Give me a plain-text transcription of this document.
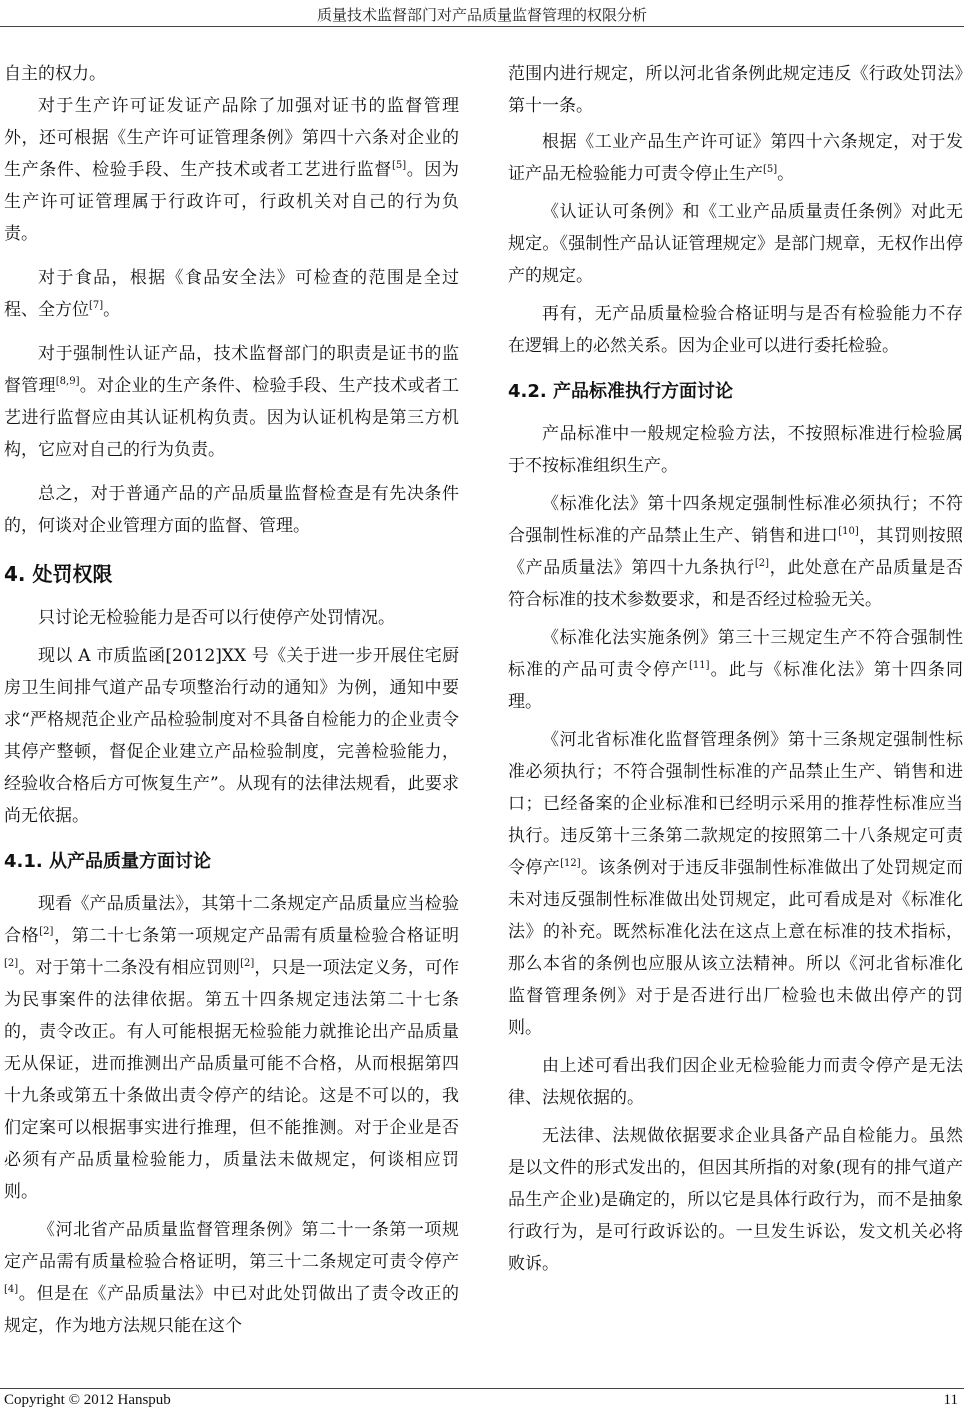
质量技术监督部门对产品质量监督管理的权限分析

自主的权力。

对于生产许可证发证产品除了加强对证书的监督管理外，还可根据《生产许可证管理条例》第四十六条对企业的生产条件、检验手段、生产技术或者工艺进行监督[5]。因为生产许可证管理属于行政许可，行政机关对自己的行为负责。

对于食品，根据《食品安全法》可检查的范围是全过程、全方位[7]。

对于强制性认证产品，技术监督部门的职责是证书的监督管理[8,9]。对企业的生产条件、检验手段、生产技术或者工艺进行监督应由其认证机构负责。因为认证机构是第三方机构，它应对自己的行为负责。

总之，对于普通产品的产品质量监督检查是有先决条件的，何谈对企业管理方面的监督、管理。

4. 处罚权限

只讨论无检验能力是否可以行使停产处罚情况。

现以 A 市质监函[2012]XX 号《关于进一步开展住宅厨房卫生间排气道产品专项整治行动的通知》为例，通知中要求“严格规范企业产品检验制度对不具备自检能力的企业责令其停产整顿，督促企业建立产品检验制度，完善检验能力，经验收合格后方可恢复生产”。从现有的法律法规看，此要求尚无依据。

4.1. 从产品质量方面讨论

现看《产品质量法》，其第十二条规定产品质量应当检验合格[2]，第二十七条第一项规定产品需有质量检验合格证明[2]。对于第十二条没有相应罚则[2]，只是一项法定义务，可作为民事案件的法律依据。第五十四条规定违法第二十七条的，责令改正。有人可能根据无检验能力就推论出产品质量无从保证，进而推测出产品质量可能不合格，从而根据第四十九条或第五十条做出责令停产的结论。这是不可以的，我们定案可以根据事实进行推理，但不能推测。对于企业是否必须有产品质量检验能力，质量法未做规定，何谈相应罚则。

《河北省产品质量监督管理条例》第二十一条第一项规定产品需有质量检验合格证明，第三十二条规定可责令停产[4]。但是在《产品质量法》中已对此处罚做出了责令改正的规定，作为地方法规只能在这个

范围内进行规定，所以河北省条例此规定违反《行政处罚法》第十一条。

根据《工业产品生产许可证》第四十六条规定，对于发证产品无检验能力可责令停止生产[5]。

《认证认可条例》和《工业产品质量责任条例》对此无规定。《强制性产品认证管理规定》是部门规章，无权作出停产的规定。

再有，无产品质量检验合格证明与是否有检验能力不存在逻辑上的必然关系。因为企业可以进行委托检验。

4.2. 产品标准执行方面讨论

产品标准中一般规定检验方法，不按照标准进行检验属于不按标准组织生产。

《标准化法》第十四条规定强制性标准必须执行；不符合强制性标准的产品禁止生产、销售和进口[10]，其罚则按照《产品质量法》第四十九条执行[2]，此处意在产品质量是否符合标准的技术参数要求，和是否经过检验无关。

《标准化法实施条例》第三十三规定生产不符合强制性标准的产品可责令停产[11]。此与《标准化法》第十四条同理。

《河北省标准化监督管理条例》第十三条规定强制性标准必须执行；不符合强制性标准的产品禁止生产、销售和进口；已经备案的企业标准和已经明示采用的推荐性标准应当执行。违反第十三条第二款规定的按照第二十八条规定可责令停产[12]。该条例对于违反非强制性标准做出了处罚规定而未对违反强制性标准做出处罚规定，此可看成是对《标准化法》的补充。既然标准化法在这点上意在标准的技术指标，那么本省的条例也应服从该立法精神。所以《河北省标准化监督管理条例》对于是否进行出厂检验也未做出停产的罚则。

由上述可看出我们因企业无检验能力而责令停产是无法律、法规依据的。

无法律、法规做依据要求企业具备产品自检能力。虽然是以文件的形式发出的，但因其所指的对象(现有的排气道产品生产企业)是确定的，所以它是具体行政行为，而不是抽象行政行为，是可行政诉讼的。一旦发生诉讼，发文机关必将败诉。

Copyright © 2012 Hanspub	11
